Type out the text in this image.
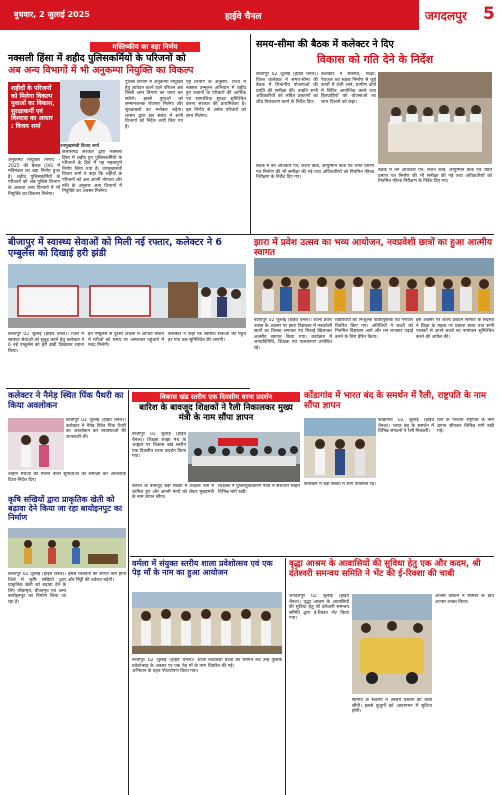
बुधवार, 2 जुलाई 2025	हाईवे चैनल	जगदलपुर 5
मस्तिष्कीय का बड़ा निर्णय
नक्सली हिंसा में शहीद पुलिसकर्मियों के परिजनों को
अब अन्य विभागों में भी अनुकम्पा नियुक्ति का विकल्प
शहीदों के परिजनों को मिलेगा विकल्प युवाओं का विकास, सुरक्षाकर्मी एवं विश्वास का आधार : विजय शर्मा
उपमुख्यमंत्री विजय शर्मा
अनुकम्पा नियुक्ति निर्णय - 2025 की बैठक (06) में मंत्रिमंडल का बड़ा निर्णय हुआ है। शहीद पुलिसकर्मियों के परिजनों को अब पुलिस विभाग के अलावा अन्य विभागों में भी नियुक्ति का विकल्प मिलेगा।
छत्तीसगढ़ सरकार द्वारा नक्सली हिंसा में शहीद हुए पुलिसकर्मियों के परिजनों के हित में यह महत्वपूर्ण निर्णय लिया गया है। उपमुख्यमंत्री विजय शर्मा ने कहा कि शहीदों के परिजनों को अब अपनी योग्यता और रुचि के अनुसार अन्य विभागों में नियुक्ति का अवसर मिलेगा।
पुलिस विभाग में अनुकम्पा नियुक्ति हेतु आवेदन करने वाले परिजन अब किसी अन्य विभाग का चयन कर सकेंगे। इससे युवाओं को सम्मानजनक रोजगार मिलेगा और सुरक्षाबलों का मनोबल बढ़ेगा। शासन द्वारा इस संबंध में सभी विभागों को निर्देश जारी किए गए हैं।
गृह विभाग के अनुसार, राज्य में नक्सल उन्मूलन अभियान में शहीद हुए जवानों के परिवारों की आर्थिक एवं सामाजिक सुरक्षा सुनिश्चित करना सरकार की प्राथमिकता है। इस निर्णय से अनेक परिवारों को लाभ मिलेगा।
समय-सीमा की बैठक में कलेक्टर ने दिए
विकास को गति देने के निर्देश
बीजापुर 02 जुलाई (हाईवे चैनल)। जिला कलेक्टर ने समय-सीमा की बैठक में विभागीय योजनाओं की प्रगति की समीक्षा की। उन्होंने सभी अधिकारियों को लंबित प्रकरणों का शीघ्र निराकरण करने के निर्देश दिए।
कलेक्टर ने स्वास्थ्य, शिक्षा, पेयजल एवं सड़क निर्माण से जुड़े कार्यों में तेजी लाने, ग्रामीण क्षेत्रों में शिविर आयोजित करने तथा हितग्राहियों को योजनाओं का लाभ दिलाने को कहा।
बैठक में वन अधिकार पत्र, राशन कार्ड, आयुष्मान कार्ड एवं जाति प्रमाण पत्र निर्माण की भी समीक्षा की गई तथा अधिकारियों को नियमित फील्ड निरीक्षण के निर्देश दिए गए।
बैठक में वन अधिकार पत्र, राशन कार्ड, आयुष्मान कार्ड एवं जाति प्रमाण पत्र निर्माण की भी समीक्षा की गई तथा अधिकारियों को नियमित फील्ड निरीक्षण के निर्देश दिए गए।
बीजापुर में स्वास्थ्य सेवाओं को मिली नई रफ्तार, कलेक्टर ने 6 एम्बुलेंस को दिखाई हरी झंडी
बीजापुर 02 जुलाई (हाईवे चैनल)। जिले में स्वास्थ्य सेवाओं को सुदृढ़ करने हेतु कलेक्टर ने 6 नई एम्बुलेंस को हरी झंडी दिखाकर रवाना किया।
इन एम्बुलेंस से दूरस्थ अंचलों में आपात स्थिति में मरीजों को समय पर अस्पताल पहुंचाने में मदद मिलेगी।
कलेक्टर ने कहा कि स्वास्थ्य सेवाओं की पहुंच हर गांव तक सुनिश्चित की जाएगी।
झारा में प्रवेश उत्सव का भव्य आयोजन, नवप्रवेशी छात्रों का हुआ आत्मीय स्वागत
बीजापुर 02 जुलाई (हाईवे चैनल)। शाला प्रवेश उत्सव के अवसर पर झारा विद्यालय में नवप्रवेशी छात्रों का तिलक लगाकर एवं मिठाई खिलाकर आत्मीय स्वागत किया गया। कार्यक्रम में जनप्रतिनिधि, शिक्षक एवं पालकगण उपस्थित रहे।
विद्यार्थियों को निःशुल्क पाठ्यपुस्तकें एवं गणवेश वितरित किए गए। अतिथियों ने बच्चों को नियमित विद्यालय आने और मन लगाकर पढ़ाई करने के लिए प्रेरित किया।
इस अवसर पर शाला प्रबंधन समिति के सदस्यों ने शिक्षा के महत्व पर प्रकाश डाला तथा सभी पालकों से अपने बच्चों का नामांकन सुनिश्चित करने की अपील की।
कलेक्टर ने नैमेड़ स्थित पिंक पैथरी का किया अवलोकन
बीजापुर 02 जुलाई (हाईवे चैनल)। कलेक्टर ने नैमेड़ स्थित पिंक पैथरी का अवलोकन कर व्यवस्थाओं की जानकारी ली।
उन्होंने मरीजों को मिलने वाली सुविधाओं की समीक्षा कर आवश्यक दिशा-निर्देश दिए।
कृषि सखियों द्वारा प्राकृतिक खेती को बढ़ावा देने किया जा रहा बायोइनपुट का निर्माण
बीजापुर 02 जुलाई (हाईवे चैनल)। जिले में कृषि सखियों द्वारा प्राकृतिक खेती को बढ़ावा देने के लिए जीवामृत, बीजामृत एवं अन्य बायोइनपुट का निर्माण किया जा रहा है।
इससे किसानों की लागत कम होगी और मिट्टी की उर्वरता बढ़ेगी।
विकास खंड स्तरीय एक दिवसीय धरना प्रदर्शन
बारिश के बावजूद शिक्षकों ने रैली निकालकर मुख्य मंत्री के नाम सौंपा ज्ञापन
बीजापुर 02 जुलाई (हाईवे चैनल)। शिक्षक साझा मंच के आह्वान पर विकास खंड स्तरीय एक दिवसीय धरना प्रदर्शन किया गया।
बारिश के बावजूद बड़ी संख्या में शिक्षक रैली में शामिल हुए और अपनी मांगों को लेकर मुख्यमंत्री के नाम ज्ञापन सौंपा।
शिक्षकों ने युक्तियुक्तकरण नीति में संशोधन सहित विभिन्न मांगें रखीं।
कोंडागांव में भारत बंद के समर्थन में रैली, राष्ट्रपति के नाम सौंपा ज्ञापन
कोंडागांव 02 जुलाई (हाईवे चैनल)। भारत बंद के समर्थन में विभिन्न संगठनों ने रैली निकाली।
रैली के पश्चात राष्ट्रपति के नाम ज्ञापन सौंपकर विभिन्न मांगें रखी गईं।
कार्यक्रम में बड़ी संख्या में लोग उपस्थित रहे।
वर्मला में संयुक्त स्तरीय शाला प्रवेशोत्सव एवं एक पेड़ माँ के नाम का हुआ आयोजन
बीजापुर 02 जुलाई (हाईवे चैनल)। शाला प्रवेशोत्सव के अवसर पर एक पेड़ माँ के नाम अभियान के तहत पौधारोपण किया गया।
नवप्रवेशी बच्चों का स्वागत कर उन्हें पुस्तकें वितरित की गईं।
वृद्धा आश्रम के आवासियों की सुविधा हेतु एक और कदम, श्री दंतेश्वरी समन्वय समिति ने भेंट की ई-रिक्शा की चाबी
जगदलपुर 02 जुलाई (हाईवे चैनल)। वृद्धा आश्रम के आवासियों की सुविधा हेतु श्री दंतेश्वरी समन्वय समिति द्वारा ई-रिक्शा भेंट किया गया।
समिति के सदस्यों ने आश्रम प्रबंधन को चाबी सौंपी। इससे बुजुर्गों को आवागमन में सुविधा होगी।
आश्रम प्रबंधन ने समिति के प्रति आभार व्यक्त किया।
